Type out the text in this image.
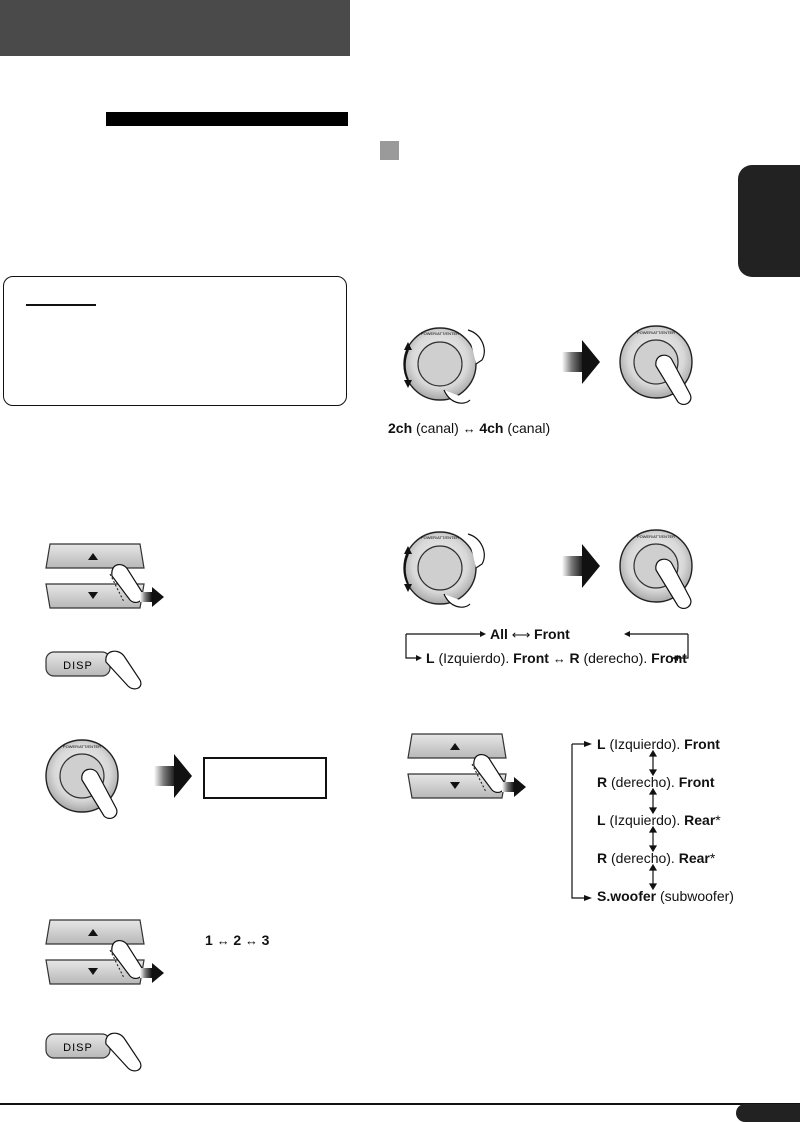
DISP
POWER/ATT/ENTER
1 ↔ 2 ↔ 3
DISP
POWER/ATT/ENTER	POWER/ATT/ENTER
2ch (canal) ↔ 4ch (canal)
POWER/ATT/ENTER	POWER/ATT/ENTER
All ⟷ Front
L (Izquierdo). Front ↔ R (derecho). Front
L (Izquierdo). Front
R (derecho). Front
L (Izquierdo). Rear*
R (derecho). Rear*
S.woofer (subwoofer)
